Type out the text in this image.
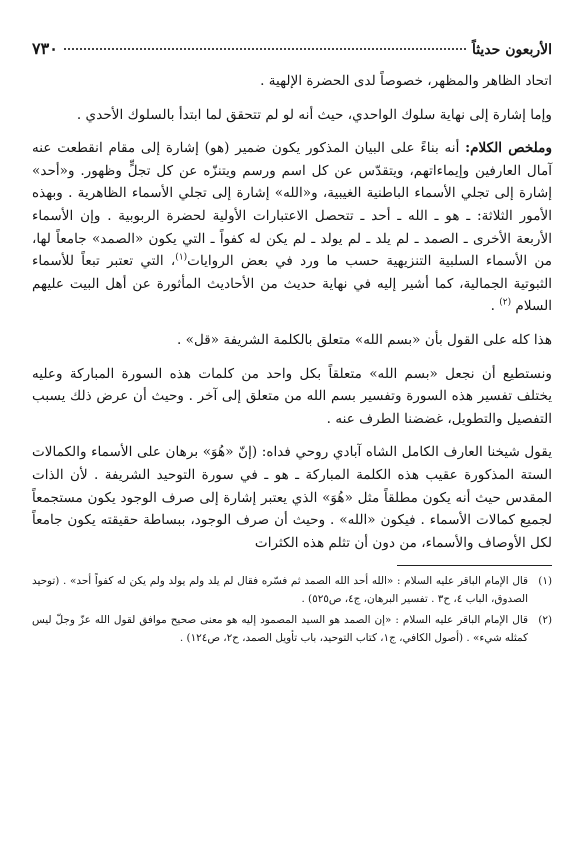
الأربعون حديثاً
٧٣٠

اتحاد الظاهر والمظهر، خصوصاً لدى الحضرة الإلهية .

وإما إشارة إلى نهاية سلوك الواحدي، حيث أنه لو لم تتحقق لما ابتدأ بالسلوك الأحدي .

وملخص الكلام: أنه بناءً على البيان المذكور يكون ضمير (هو) إشارة إلى مقام انقطعت عنه آمال العارفين وإيماءاتهم، ويتقدّس عن كل اسم ورسم ويتنزّه عن كل تجلٍّ وظهور. و«أحد» إشارة إلى تجلي الأسماء الباطنية الغيبية، و«الله» إشارة إلى تجلي الأسماء الظاهرية . وبهذه الأمور الثلاثة: ـ هو ـ الله ـ أحد ـ تتحصل الاعتبارات الأولية لحضرة الربوبية . وإن الأسماء الأربعة الأخرى ـ الصمد ـ لم يلد ـ لم يولد ـ لم يكن له كفواً ـ التي يكون «الصمد» جامعاً لها، من الأسماء السلبية التنزيهية حسب ما ورد في بعض الروايات$^{(١)}$، التي تعتبر تبعاً للأسماء الثبوتية الجمالية، كما أشير إليه في نهاية حديث من الأحاديث المأثورة عن أهل البيت عليهم السلام $^{(٢)}$ .

هذا كله على القول بأن «بسم الله» متعلق بالكلمة الشريفة «قل» .

ونستطيع أن نجعل «بسم الله» متعلقاً بكل واحد من كلمات هذه السورة المباركة وعليه يختلف تفسير هذه السورة وتفسير بسم الله من متعلق إلى آخر . وحيث أن عرض ذلك يسبب التفصيل والتطويل، غضضنا الطرف عنه .

يقول شيخنا العارف الكامل الشاه آبادي روحي فداه: (إنّ «هُوَ» برهان على الأسماء والكمالات الستة المذكورة عقيب هذه الكلمة المباركة ـ هو ـ في سورة التوحيد الشريفة . لأن الذات المقدس حيث أنه يكون مطلقاً مثل «هُوَ» الذي يعتبر إشارة إلى صرف الوجود يكون مستجمعاً لجميع كمالات الأسماء . فيكون «الله» . وحيث أن صرف الوجود، ببساطة حقيقته يكون جامعاً لكل الأوصاف والأسماء، من دون أن تثلم هذه الكثرات

(١)
قال الإمام الباقر عليه السلام : «الله أحد الله الصمد ثم فسّره فقال لم يلد ولم يولد ولم يكن له كفواً أحد» . (توحيد الصدوق، الباب ٤، ح٣ . تفسير البرهان، ج٤، ص٥٢٥) .
(٢)
قال الإمام الباقر عليه السلام : «إن الصمد هو السيد المصمود إليه هو معنى صحيح موافق لقول الله عزّ وجلّ ليس كمثله شيء» . (أصول الكافي، ج١، كتاب التوحيد، باب تأويل الصمد، ح٢، ص١٢٤) .
